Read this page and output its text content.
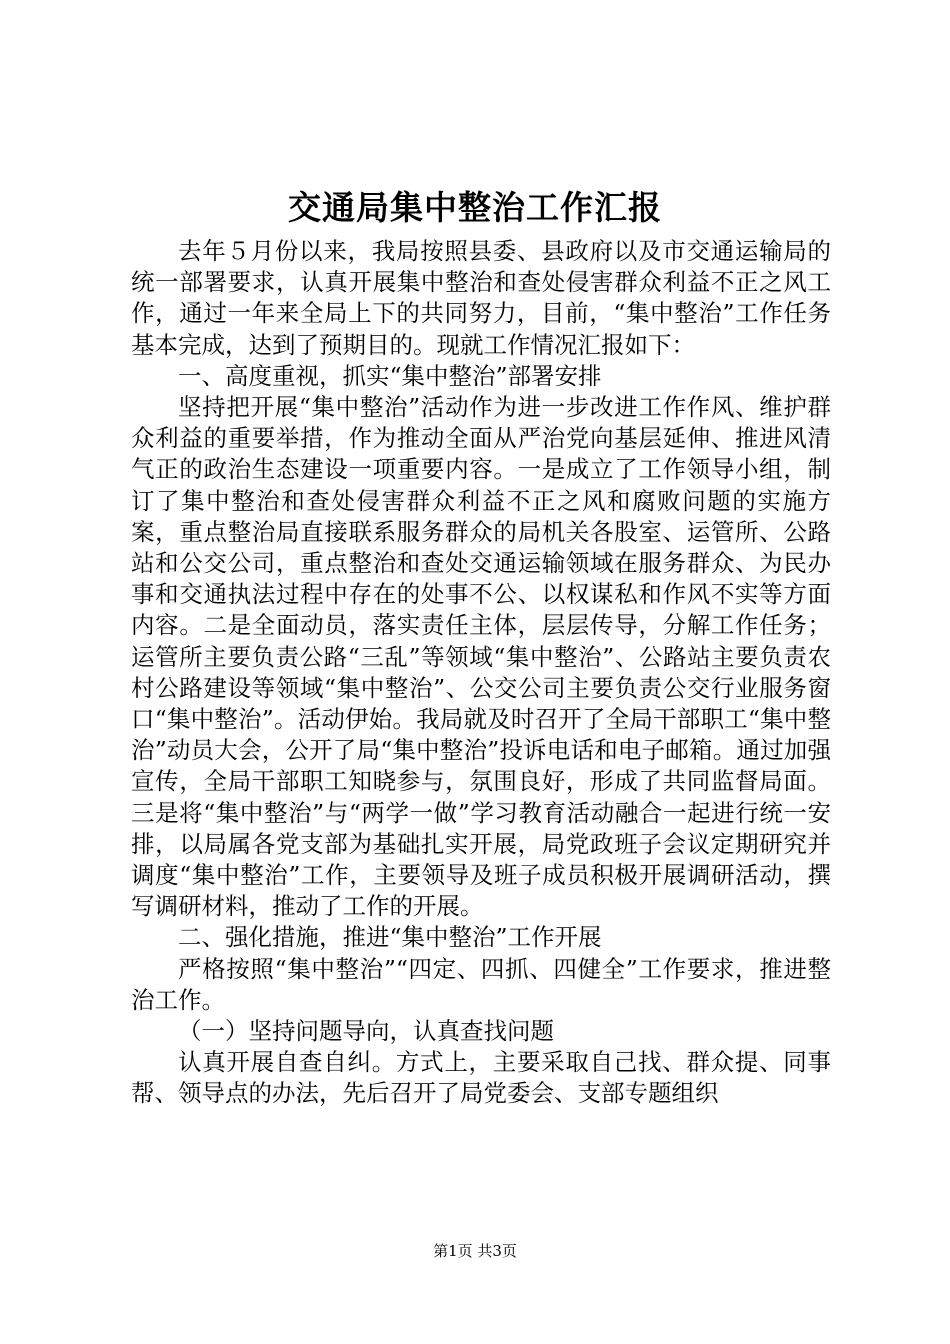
交通局集中整治工作汇报

去年５月份以来，我局按照县委、县政府以及市交通运输局的统一部署要求，认真开展集中整治和查处侵害群众利益不正之风工作，通过一年来全局上下的共同努力，目前，“集中整治”工作任务基本完成，达到了预期目的。现就工作情况汇报如下：

一、高度重视，抓实“集中整治”部署安排

坚持把开展“集中整治”活动作为进一步改进工作作风、维护群众利益的重要举措，作为推动全面从严治党向基层延伸、推进风清气正的政治生态建设一项重要内容。一是成立了工作领导小组，制订了集中整治和查处侵害群众利益不正之风和腐败问题的实施方案，重点整治局直接联系服务群众的局机关各股室、运管所、公路站和公交公司，重点整治和查处交通运输领域在服务群众、为民办事和交通执法过程中存在的处事不公、以权谋私和作风不实等方面内容。二是全面动员，落实责任主体，层层传导，分解工作任务；运管所主要负责公路“三乱”等领域“集中整治”、公路站主要负责农村公路建设等领域“集中整治”、公交公司主要负责公交行业服务窗口“集中整治”。活动伊始。我局就及时召开了全局干部职工“集中整治”动员大会，公开了局“集中整治”投诉电话和电子邮箱。通过加强宣传，全局干部职工知晓参与，氛围良好，形成了共同监督局面。三是将“集中整治”与“两学一做”学习教育活动融合一起进行统一安排，以局属各党支部为基础扎实开展，局党政班子会议定期研究并调度“集中整治”工作，主要领导及班子成员积极开展调研活动，撰写调研材料，推动了工作的开展。

二、强化措施，推进“集中整治”工作开展

严格按照“集中整治”“四定、四抓、四健全”工作要求，推进整治工作。

（一）坚持问题导向，认真查找问题

认真开展自查自纠。方式上，主要采取自己找、群众提、同事帮、领导点的办法，先后召开了局党委会、支部专题组织

第1页 共3页
